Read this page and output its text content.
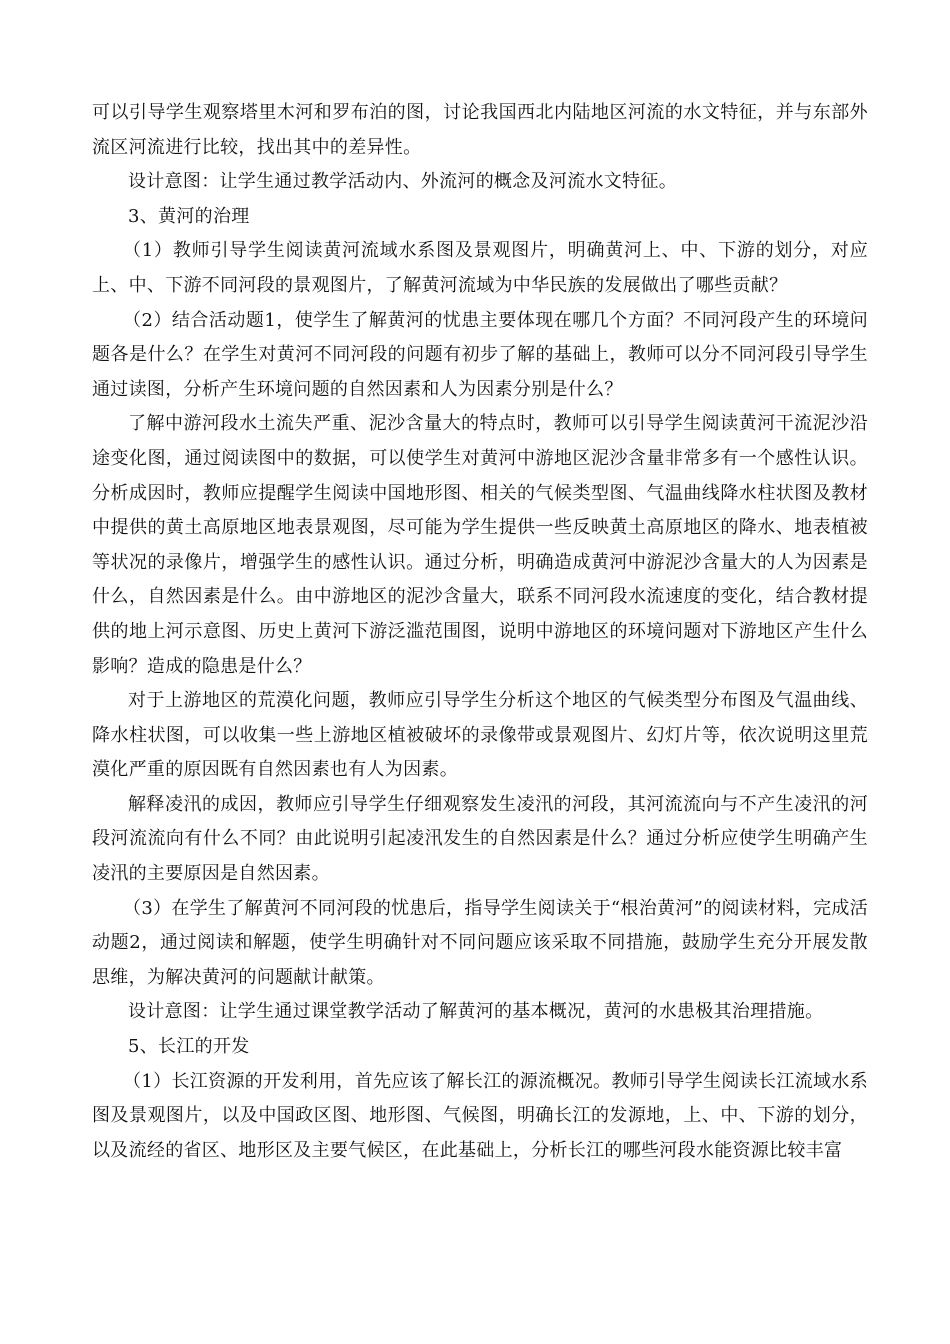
可以引导学生观察塔里木河和罗布泊的图，讨论我国西北内陆地区河流的水文特征，并与东部外流区河流进行比较，找出其中的差异性。

设计意图：让学生通过教学活动内、外流河的概念及河流水文特征。

3、黄河的治理

（1）教师引导学生阅读黄河流域水系图及景观图片，明确黄河上、中、下游的划分，对应上、中、下游不同河段的景观图片，了解黄河流域为中华民族的发展做出了哪些贡献？

（2）结合活动题1，使学生了解黄河的忧患主要体现在哪几个方面？不同河段产生的环境问题各是什么？在学生对黄河不同河段的问题有初步了解的基础上，教师可以分不同河段引导学生通过读图，分析产生环境问题的自然因素和人为因素分别是什么？

了解中游河段水土流失严重、泥沙含量大的特点时，教师可以引导学生阅读黄河干流泥沙沿途变化图，通过阅读图中的数据，可以使学生对黄河中游地区泥沙含量非常多有一个感性认识。分析成因时，教师应提醒学生阅读中国地形图、相关的气候类型图、气温曲线降水柱状图及教材中提供的黄土高原地区地表景观图，尽可能为学生提供一些反映黄土高原地区的降水、地表植被等状况的录像片，增强学生的感性认识。通过分析，明确造成黄河中游泥沙含量大的人为因素是什么，自然因素是什么。由中游地区的泥沙含量大，联系不同河段水流速度的变化，结合教材提供的地上河示意图、历史上黄河下游泛滥范围图，说明中游地区的环境问题对下游地区产生什么影响？造成的隐患是什么？

对于上游地区的荒漠化问题，教师应引导学生分析这个地区的气候类型分布图及气温曲线、降水柱状图，可以收集一些上游地区植被破坏的录像带或景观图片、幻灯片等，依次说明这里荒漠化严重的原因既有自然因素也有人为因素。

解释凌汛的成因，教师应引导学生仔细观察发生凌汛的河段，其河流流向与不产生凌汛的河段河流流向有什么不同？由此说明引起凌汛发生的自然因素是什么？通过分析应使学生明确产生凌汛的主要原因是自然因素。

（3）在学生了解黄河不同河段的忧患后，指导学生阅读关于“根治黄河”的阅读材料，完成活动题2，通过阅读和解题，使学生明确针对不同问题应该采取不同措施，鼓励学生充分开展发散思维，为解决黄河的问题献计献策。

设计意图：让学生通过课堂教学活动了解黄河的基本概况，黄河的水患极其治理措施。

5、长江的开发

（1）长江资源的开发利用，首先应该了解长江的源流概况。教师引导学生阅读长江流域水系图及景观图片，以及中国政区图、地形图、气候图，明确长江的发源地，上、中、下游的划分，以及流经的省区、地形区及主要气候区，在此基础上，分析长江的哪些河段水能资源比较丰富
